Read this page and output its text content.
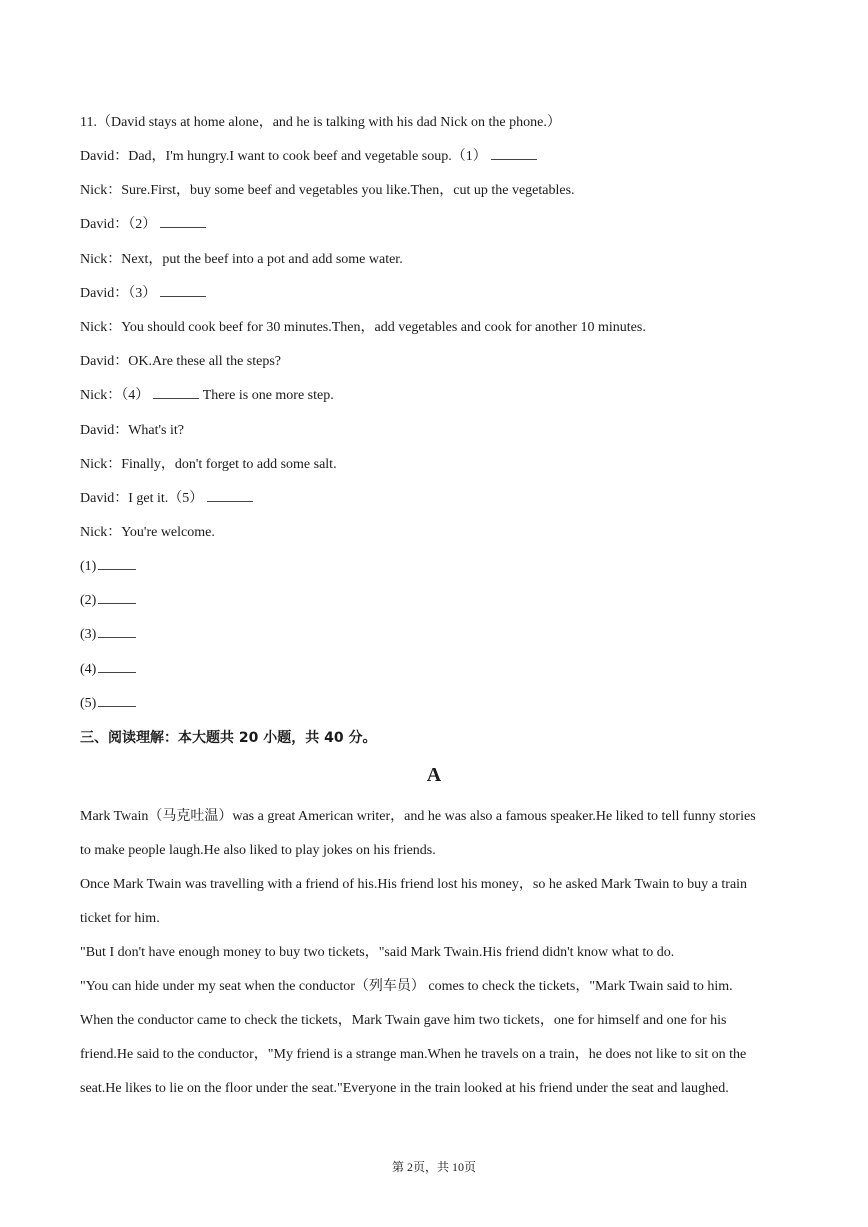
11.（David stays at home alone，and he is talking with his dad Nick on the phone.）
David：Dad，I'm hungry.I want to cook beef and vegetable soup.（1）
Nick：Sure.First，buy some beef and vegetables you like.Then，cut up the vegetables.
David：（2）
Nick：Next，put the beef into a pot and add some water.
David：（3）
Nick：You should cook beef for 30 minutes.Then，add vegetables and cook for another 10 minutes.
David：OK.Are these all the steps?
Nick：（4）	There is one more step.
David：What's it?
Nick：Finally，don't forget to add some salt.
David：I get it.（5）
Nick：You're welcome.
(1)
(2)
(3)
(4)
(5)
三、阅读理解：本大题共 20 小题，共 40 分。
A
Mark Twain（马克吐温）was a great American writer，and he was also a famous speaker.He liked to tell funny stories
to make people laugh.He also liked to play jokes on his friends.
Once Mark Twain was travelling with a friend of his.His friend lost his money，so he asked Mark Twain to buy a train
ticket for him.
"But I don't have enough money to buy two tickets，"said Mark Twain.His friend didn't know what to do.
"You can hide under my seat when the conductor（列车员） comes to check the tickets，"Mark Twain said to him.
When the conductor came to check the tickets，Mark Twain gave him two tickets，one for himself and one for his
friend.He said to the conductor，"My friend is a strange man.When he travels on a train，he does not like to sit on the
seat.He likes to lie on the floor under the seat."Everyone in the train looked at his friend under the seat and laughed.
第 2页，共 10页
